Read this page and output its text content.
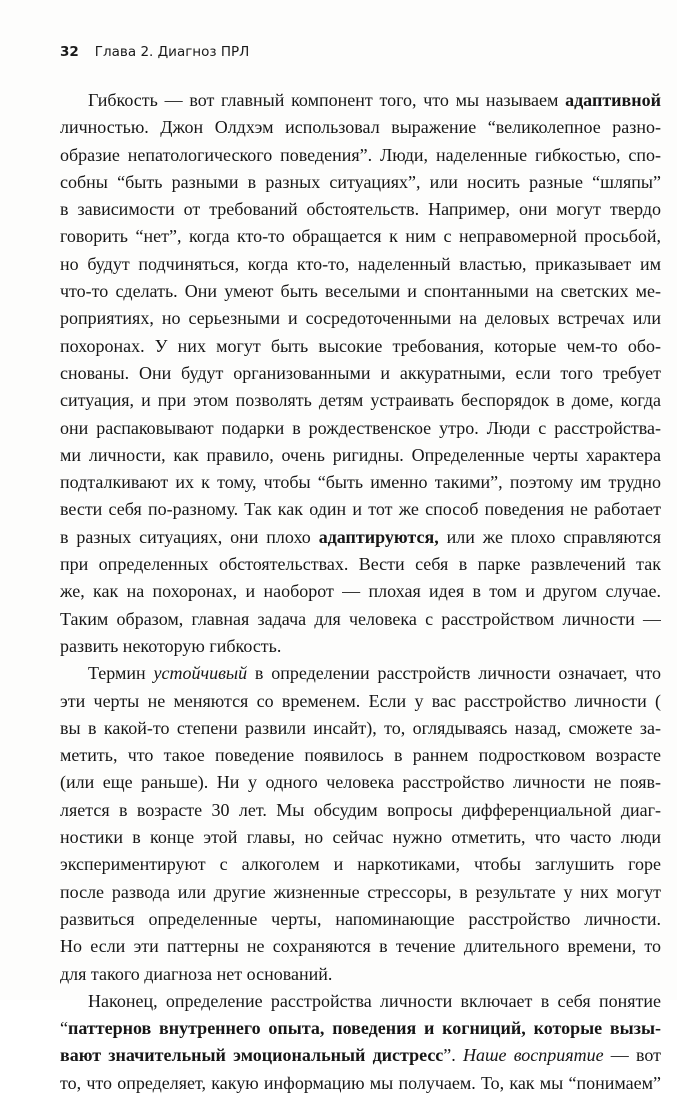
32 Глава 2. Диагноз ПРЛ
Гибкость — вот главный компонент того, что мы называем адаптивной
личностью. Джон Олдхэм использовал выражение “великолепное разно-
образие непатологического поведения”. Люди, наделенные гибкостью, спо-
собны “быть разными в разных ситуациях”, или носить разные “шляпы”
в зависимости от требований обстоятельств. Например, они могут твердо
говорить “нет”, когда кто-то обращается к ним с неправомерной просьбой,
но будут подчиняться, когда кто-то, наделенный властью, приказывает им
что-то сделать. Они умеют быть веселыми и спонтанными на светских ме-
роприятиях, но серьезными и сосредоточенными на деловых встречах или
похоронах. У них могут быть высокие требования, которые чем-то обо-
снованы. Они будут организованными и аккуратными, если того требует
ситуация, и при этом позволять детям устраивать беспорядок в доме, когда
они распаковывают подарки в рождественское утро. Люди с расстройства-
ми личности, как правило, очень ригидны. Определенные черты характера
подталкивают их к тому, чтобы “быть именно такими”, поэтому им трудно
вести себя по-разному. Так как один и тот же способ поведения не работает
в разных ситуациях, они плохо адаптируются, или же плохо справляются
при определенных обстоятельствах. Вести себя в парке развлечений так
же, как на похоронах, и наоборот — плохая идея в том и другом случае.
Таким образом, главная задача для человека с расстройством личности —
развить некоторую гибкость.
Термин устойчивый в определении расстройств личности означает, что
эти черты не меняются со временем. Если у вас расстройство личности (
вы в какой-то степени развили инсайт), то, оглядываясь назад, сможете за-
метить, что такое поведение появилось в раннем подростковом возрасте
(или еще раньше). Ни у одного человека расстройство личности не появ-
ляется в возрасте 30 лет. Мы обсудим вопросы дифференциальной диаг-
ностики в конце этой главы, но сейчас нужно отметить, что часто люди
экспериментируют с алкоголем и наркотиками, чтобы заглушить горе
после развода или другие жизненные стрессоры, в результате у них могут
развиться определенные черты, напоминающие расстройство личности.
Но если эти паттерны не сохраняются в течение длительного времени, то
для такого диагноза нет оснований.
Наконец, определение расстройства личности включает в себя понятие
“паттернов внутреннего опыта, поведения и когниций, которые вызы-
вают значительный эмоциональный дистресс”. Наше восприятие — вот
то, что определяет, какую информацию мы получаем. То, как мы “понимаем”
